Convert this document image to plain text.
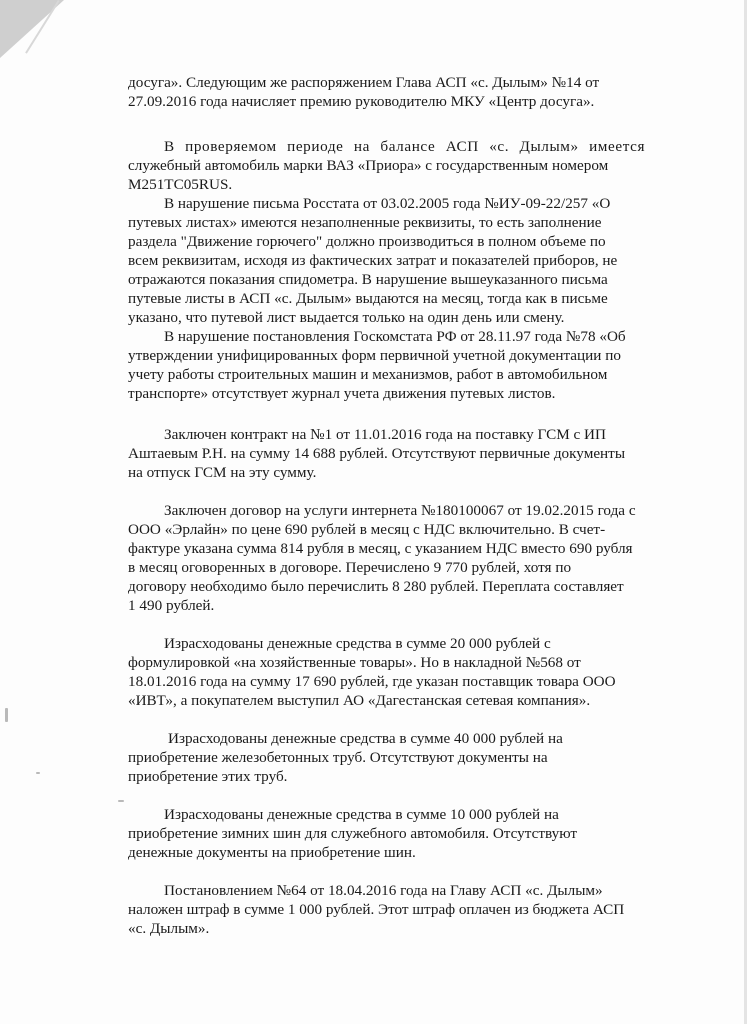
досуга». Следующим же распоряжением Глава АСП «с. Дылым» №14 от
27.09.2016 года начисляет премию руководителю МКУ «Центр досуга».

В проверяемом периоде на балансе АСП «с. Дылым» имеется
служебный автомобиль марки ВАЗ «Приора» с государственным номером
М251ТС05RUS.

В нарушение письма Росстата от 03.02.2005 года №ИУ-09-22/257 «О
путевых листах» имеются незаполненные реквизиты, то есть заполнение
раздела "Движение горючего" должно производиться в полном объеме по
всем реквизитам, исходя из фактических затрат и показателей приборов, не
отражаются показания спидометра. В нарушение вышеуказанного письма
путевые листы в АСП «с. Дылым» выдаются на месяц, тогда как в письме
указано, что путевой лист выдается только на один день или смену.

В нарушение постановления Госкомстата РФ от 28.11.97 года №78 «Об
утверждении унифицированных форм первичной учетной документации по
учету работы строительных машин и механизмов, работ в автомобильном
транспорте» отсутствует журнал учета движения путевых листов.

Заключен контракт на №1 от 11.01.2016 года на поставку ГСМ с ИП
Аштаевым Р.Н. на сумму 14 688 рублей. Отсутствуют первичные документы
на отпуск ГСМ на эту сумму.

Заключен договор на услуги интернета №180100067 от 19.02.2015 года с
ООО «Эрлайн» по цене 690 рублей в месяц с НДС включительно. В счет-
фактуре указана сумма 814 рубля в месяц, с указанием НДС вместо 690 рубля
в месяц оговоренных в договоре. Перечислено 9 770 рублей, хотя по
договору необходимо было перечислить 8 280 рублей. Переплата составляет
1 490 рублей.

Израсходованы денежные средства в сумме 20 000 рублей с
формулировкой «на хозяйственные товары». Но в накладной №568 от
18.01.2016 года на сумму 17 690 рублей, где указан поставщик товара ООО
«ИВТ», а покупателем выступил АО «Дагестанская сетевая компания».

Израсходованы денежные средства в сумме 40 000 рублей на
приобретение железобетонных труб. Отсутствуют документы на
приобретение этих труб.

Израсходованы денежные средства в сумме 10 000 рублей на
приобретение зимних шин для служебного автомобиля. Отсутствуют
денежные документы на приобретение шин.

Постановлением №64 от 18.04.2016 года на Главу АСП «с. Дылым»
наложен штраф в сумме 1 000 рублей. Этот штраф оплачен из бюджета АСП
«с. Дылым».
